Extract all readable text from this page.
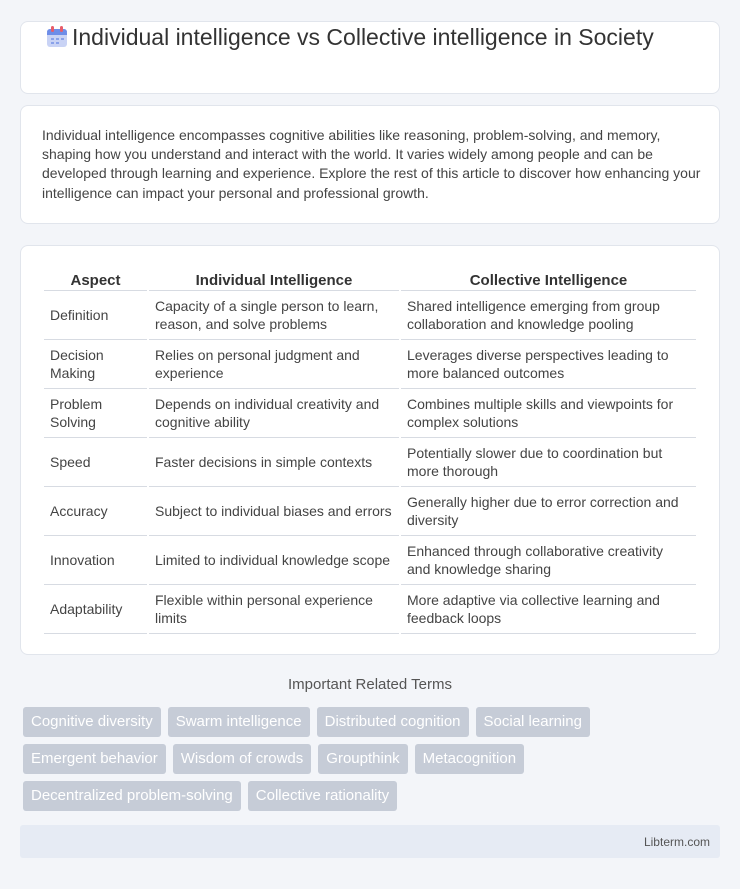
Individual intelligence vs Collective intelligence in Society

Individual intelligence encompasses cognitive abilities like reasoning, problem-solving, and memory, shaping how you understand and interact with the world. It varies widely among people and can be developed through learning and experience. Explore the rest of this article to discover how enhancing your intelligence can impact your personal and professional growth.

Aspect	Individual Intelligence	Collective Intelligence
Definition	Capacity of a single person to learn, reason, and solve problems	Shared intelligence emerging from group collaboration and knowledge pooling
Decision Making	Relies on personal judgment and experience	Leverages diverse perspectives leading to more balanced outcomes
Problem Solving	Depends on individual creativity and cognitive ability	Combines multiple skills and viewpoints for complex solutions
Speed	Faster decisions in simple contexts	Potentially slower due to coordination but more thorough
Accuracy	Subject to individual biases and errors	Generally higher due to error correction and diversity
Innovation	Limited to individual knowledge scope	Enhanced through collaborative creativity and knowledge sharing
Adaptability	Flexible within personal experience limits	More adaptive via collective learning and feedback loops
Important Related Terms
Cognitive diversity	Swarm intelligence	Distributed cognition	Social learning
Emergent behavior	Wisdom of crowds	Groupthink	Metacognition
Decentralized problem-solving	Collective rationality
Libterm.com
